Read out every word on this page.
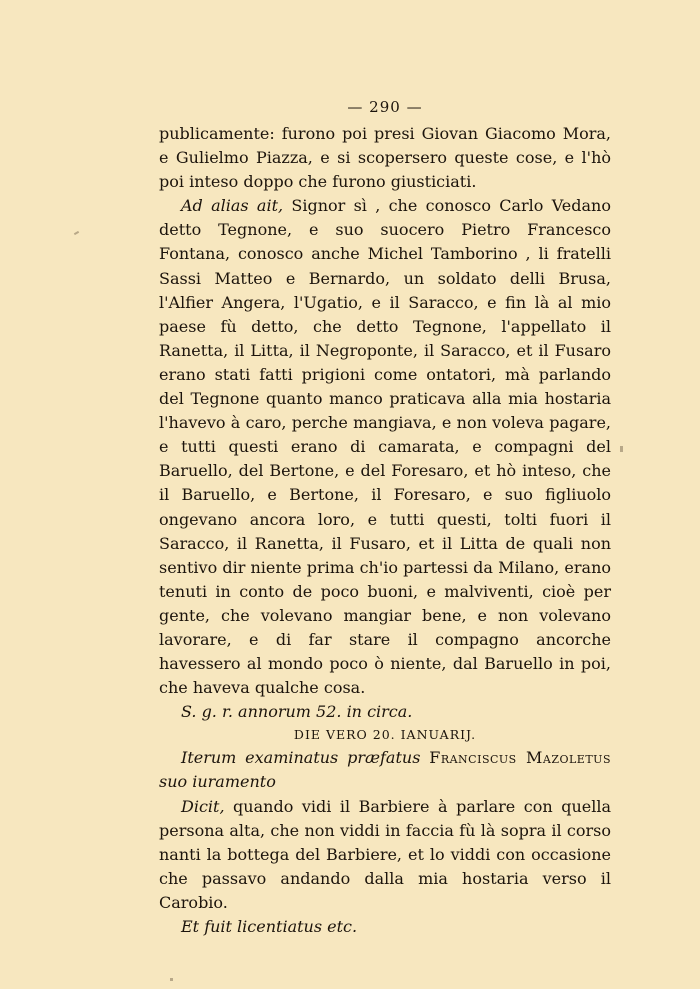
— 290 —
publicamente: furono poi presi Giovan Giacomo Mora, e Gulielmo Piazza, e si scopersero queste cose, e l'hò poi inteso doppo che furono giusticiati.
Ad alias ait, Signor sì , che conosco Carlo Vedano detto Tegnone, e suo suocero Pietro Francesco Fontana, conosco anche Michel Tamborino , li fratelli Sassi Matteo e Bernardo, un soldato delli Brusa, l'Alfier Angera, l'Ugatio, e il Saracco, e fin là al mio paese fù detto, che detto Tegnone, l'appellato il Ranetta, il Litta, il Negroponte, il Saracco, et il Fusaro erano stati fatti prigioni come ontatori, mà parlando del Tegnone quanto manco praticava alla mia hostaria l'havevo à caro, perche mangiava, e non voleva pagare, e tutti questi erano di camarata, e compagni del Baruello, del Bertone, e del Foresaro, et hò inteso, che il Baruello, e Bertone, il Foresaro, e suo figliuolo ongevano ancora loro, e tutti questi, tolti fuori il Saracco, il Ranetta, il Fusaro, et il Litta de quali non sentivo dir niente prima ch'io partessi da Milano, erano tenuti in conto de poco buoni, e malviventi, cioè per gente, che volevano mangiar bene, e non volevano lavorare, e di far stare il compagno ancorche havessero al mondo poco ò niente, dal Baruello in poi, che haveva qualche cosa.
S. g. r. annorum 52. in circa.
DIE VERO 20. IANUARIJ.
Iterum examinatus præfatus Franciscus Mazoletus suo iuramento
Dicit, quando vidi il Barbiere à parlare con quella persona alta, che non viddi in faccia fù là sopra il corso nanti la bottega del Barbiere, et lo viddi con occasione che passavo andando dalla mia hostaria verso il Carobio.
Et fuit licentiatus etc.
